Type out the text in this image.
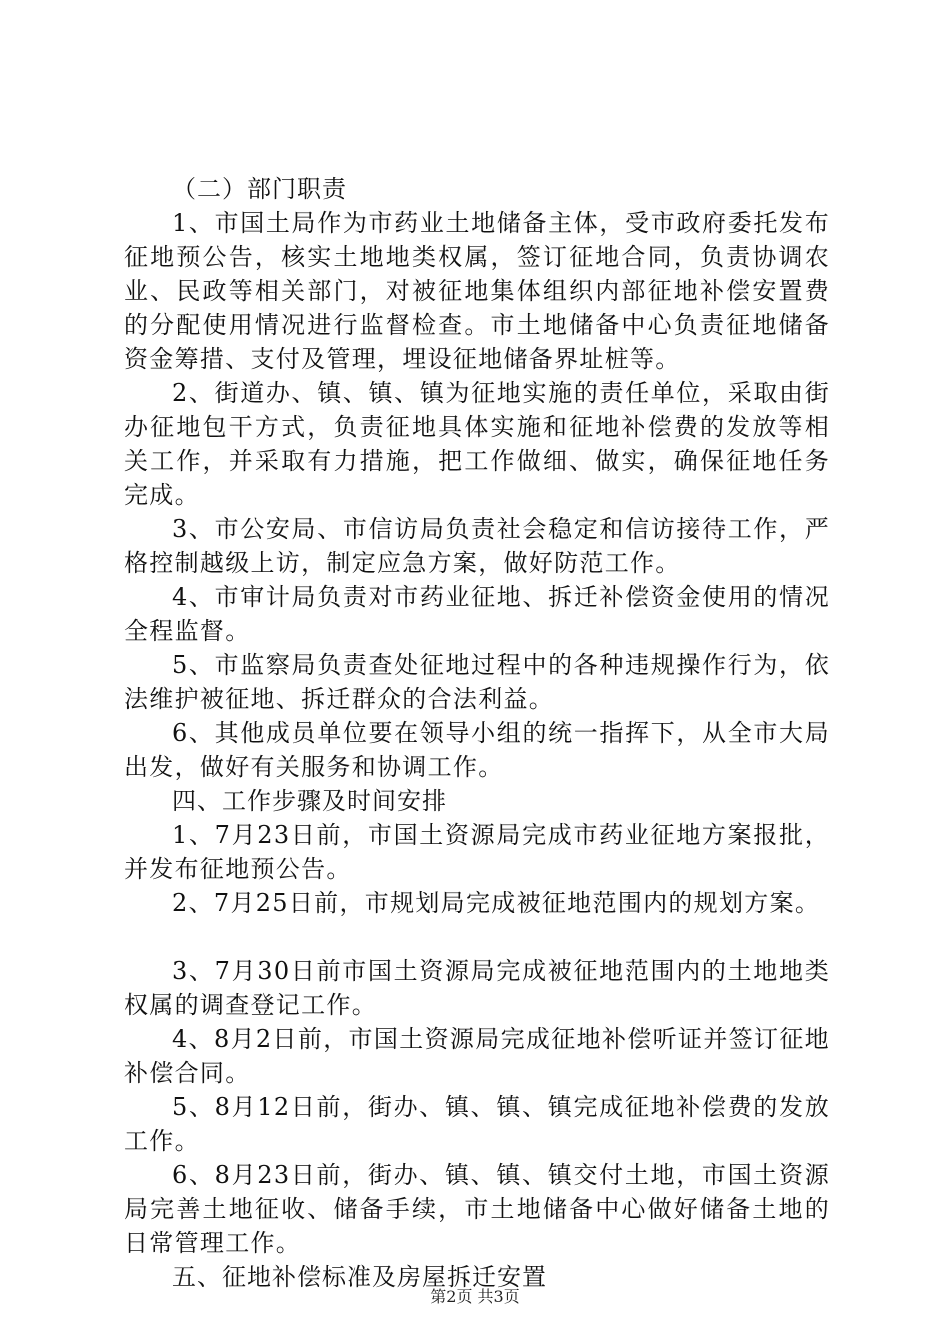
（二）部门职责

1、市国土局作为市药业土地储备主体，受市政府委托发布征地预公告，核实土地地类权属，签订征地合同，负责协调农业、民政等相关部门，对被征地集体组织内部征地补偿安置费的分配使用情况进行监督检查。市土地储备中心负责征地储备资金筹措、支付及管理，埋设征地储备界址桩等。

2、街道办、镇、镇、镇为征地实施的责任单位，采取由街办征地包干方式，负责征地具体实施和征地补偿费的发放等相关工作，并采取有力措施，把工作做细、做实，确保征地任务完成。

3、市公安局、市信访局负责社会稳定和信访接待工作，严格控制越级上访，制定应急方案，做好防范工作。

4、市审计局负责对市药业征地、拆迁补偿资金使用的情况全程监督。

5、市监察局负责查处征地过程中的各种违规操作行为，依法维护被征地、拆迁群众的合法利益。

6、其他成员单位要在领导小组的统一指挥下，从全市大局出发，做好有关服务和协调工作。

四、工作步骤及时间安排

1、7月23日前，市国土资源局完成市药业征地方案报批，并发布征地预公告。

2、7月25日前，市规划局完成被征地范围内的规划方案。

3、7月30日前市国土资源局完成被征地范围内的土地地类权属的调查登记工作。

4、8月2日前，市国土资源局完成征地补偿听证并签订征地补偿合同。

5、8月12日前，街办、镇、镇、镇完成征地补偿费的发放工作。

6、8月23日前，街办、镇、镇、镇交付土地，市国土资源局完善土地征收、储备手续，市土地储备中心做好储备土地的日常管理工作。

五、征地补偿标准及房屋拆迁安置

第2页 共3页
